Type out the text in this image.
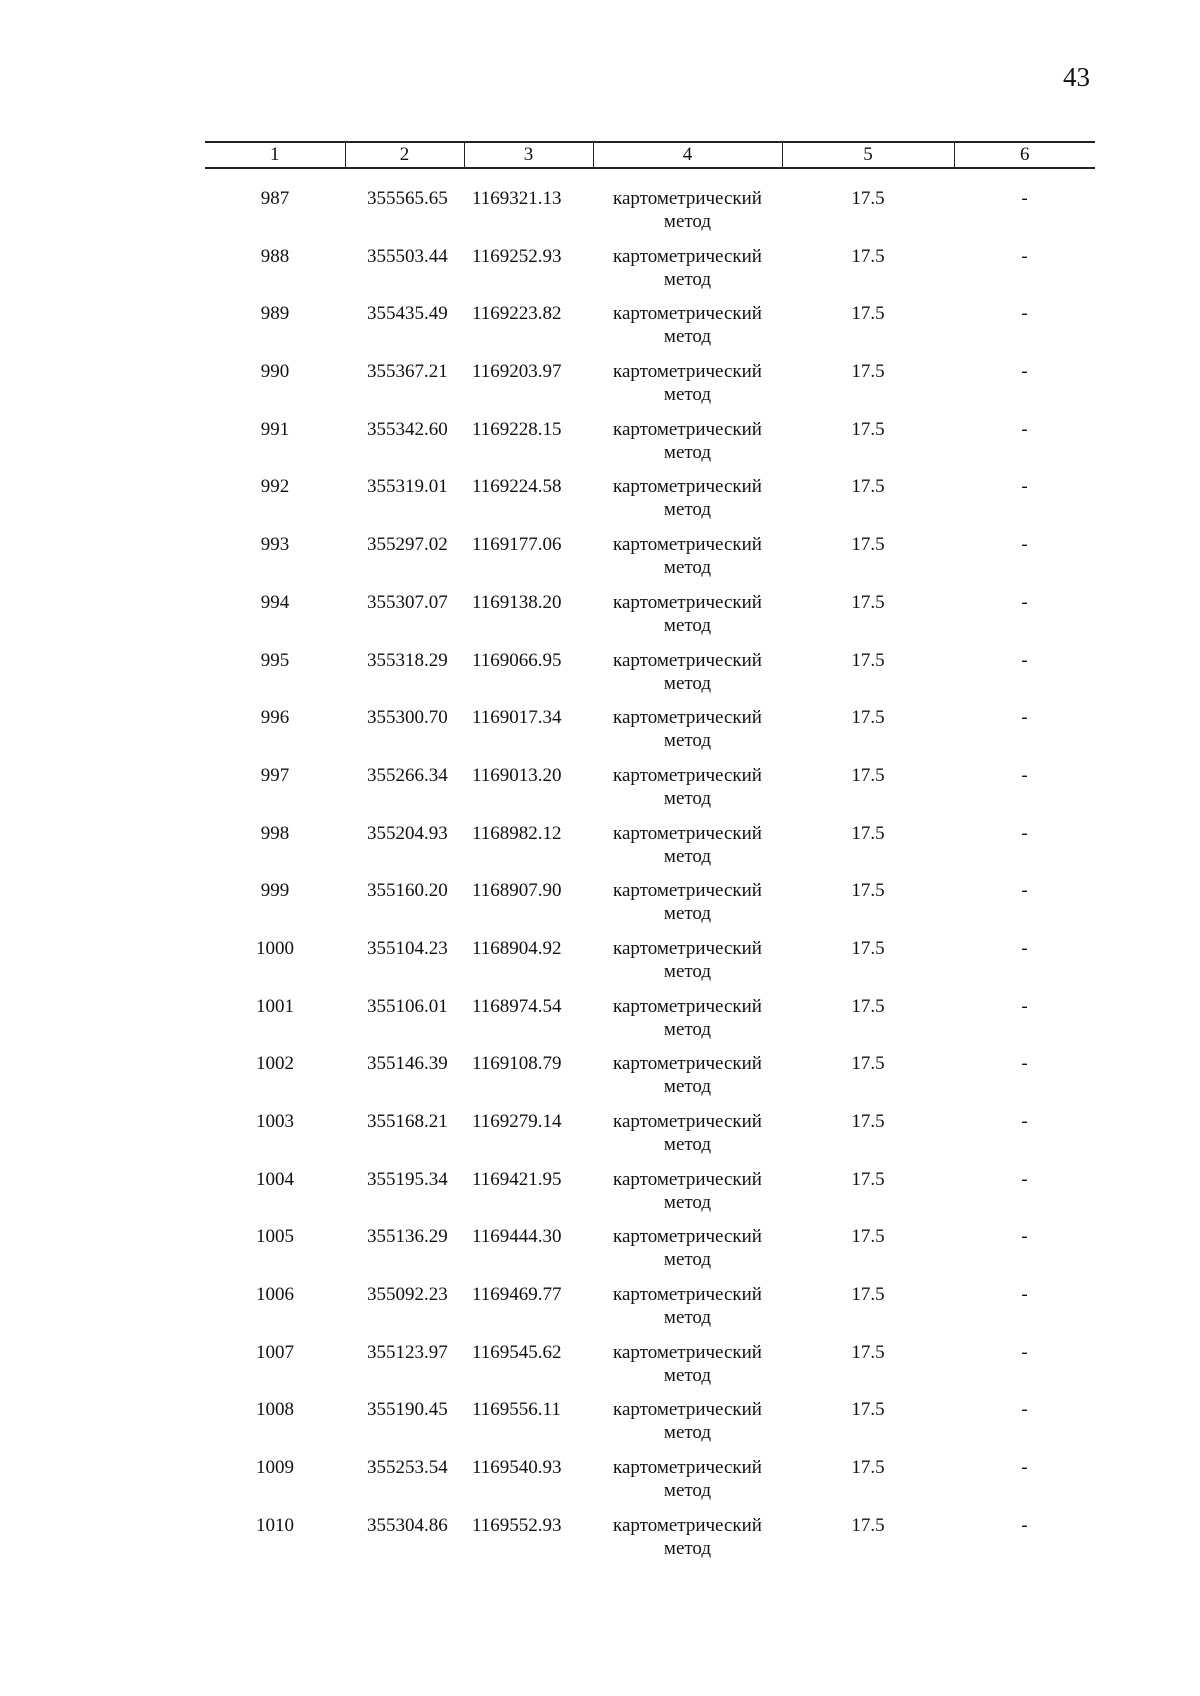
43
1	2	3	4	5	6
987	355565.65	1169321.13	картометрический метод	17.5	-
988	355503.44	1169252.93	картометрический метод	17.5	-
989	355435.49	1169223.82	картометрический метод	17.5	-
990	355367.21	1169203.97	картометрический метод	17.5	-
991	355342.60	1169228.15	картометрический метод	17.5	-
992	355319.01	1169224.58	картометрический метод	17.5	-
993	355297.02	1169177.06	картометрический метод	17.5	-
994	355307.07	1169138.20	картометрический метод	17.5	-
995	355318.29	1169066.95	картометрический метод	17.5	-
996	355300.70	1169017.34	картометрический метод	17.5	-
997	355266.34	1169013.20	картометрический метод	17.5	-
998	355204.93	1168982.12	картометрический метод	17.5	-
999	355160.20	1168907.90	картометрический метод	17.5	-
1000	355104.23	1168904.92	картометрический метод	17.5	-
1001	355106.01	1168974.54	картометрический метод	17.5	-
1002	355146.39	1169108.79	картометрический метод	17.5	-
1003	355168.21	1169279.14	картометрический метод	17.5	-
1004	355195.34	1169421.95	картометрический метод	17.5	-
1005	355136.29	1169444.30	картометрический метод	17.5	-
1006	355092.23	1169469.77	картометрический метод	17.5	-
1007	355123.97	1169545.62	картометрический метод	17.5	-
1008	355190.45	1169556.11	картометрический метод	17.5	-
1009	355253.54	1169540.93	картометрический метод	17.5	-
1010	355304.86	1169552.93	картометрический метод	17.5	-
